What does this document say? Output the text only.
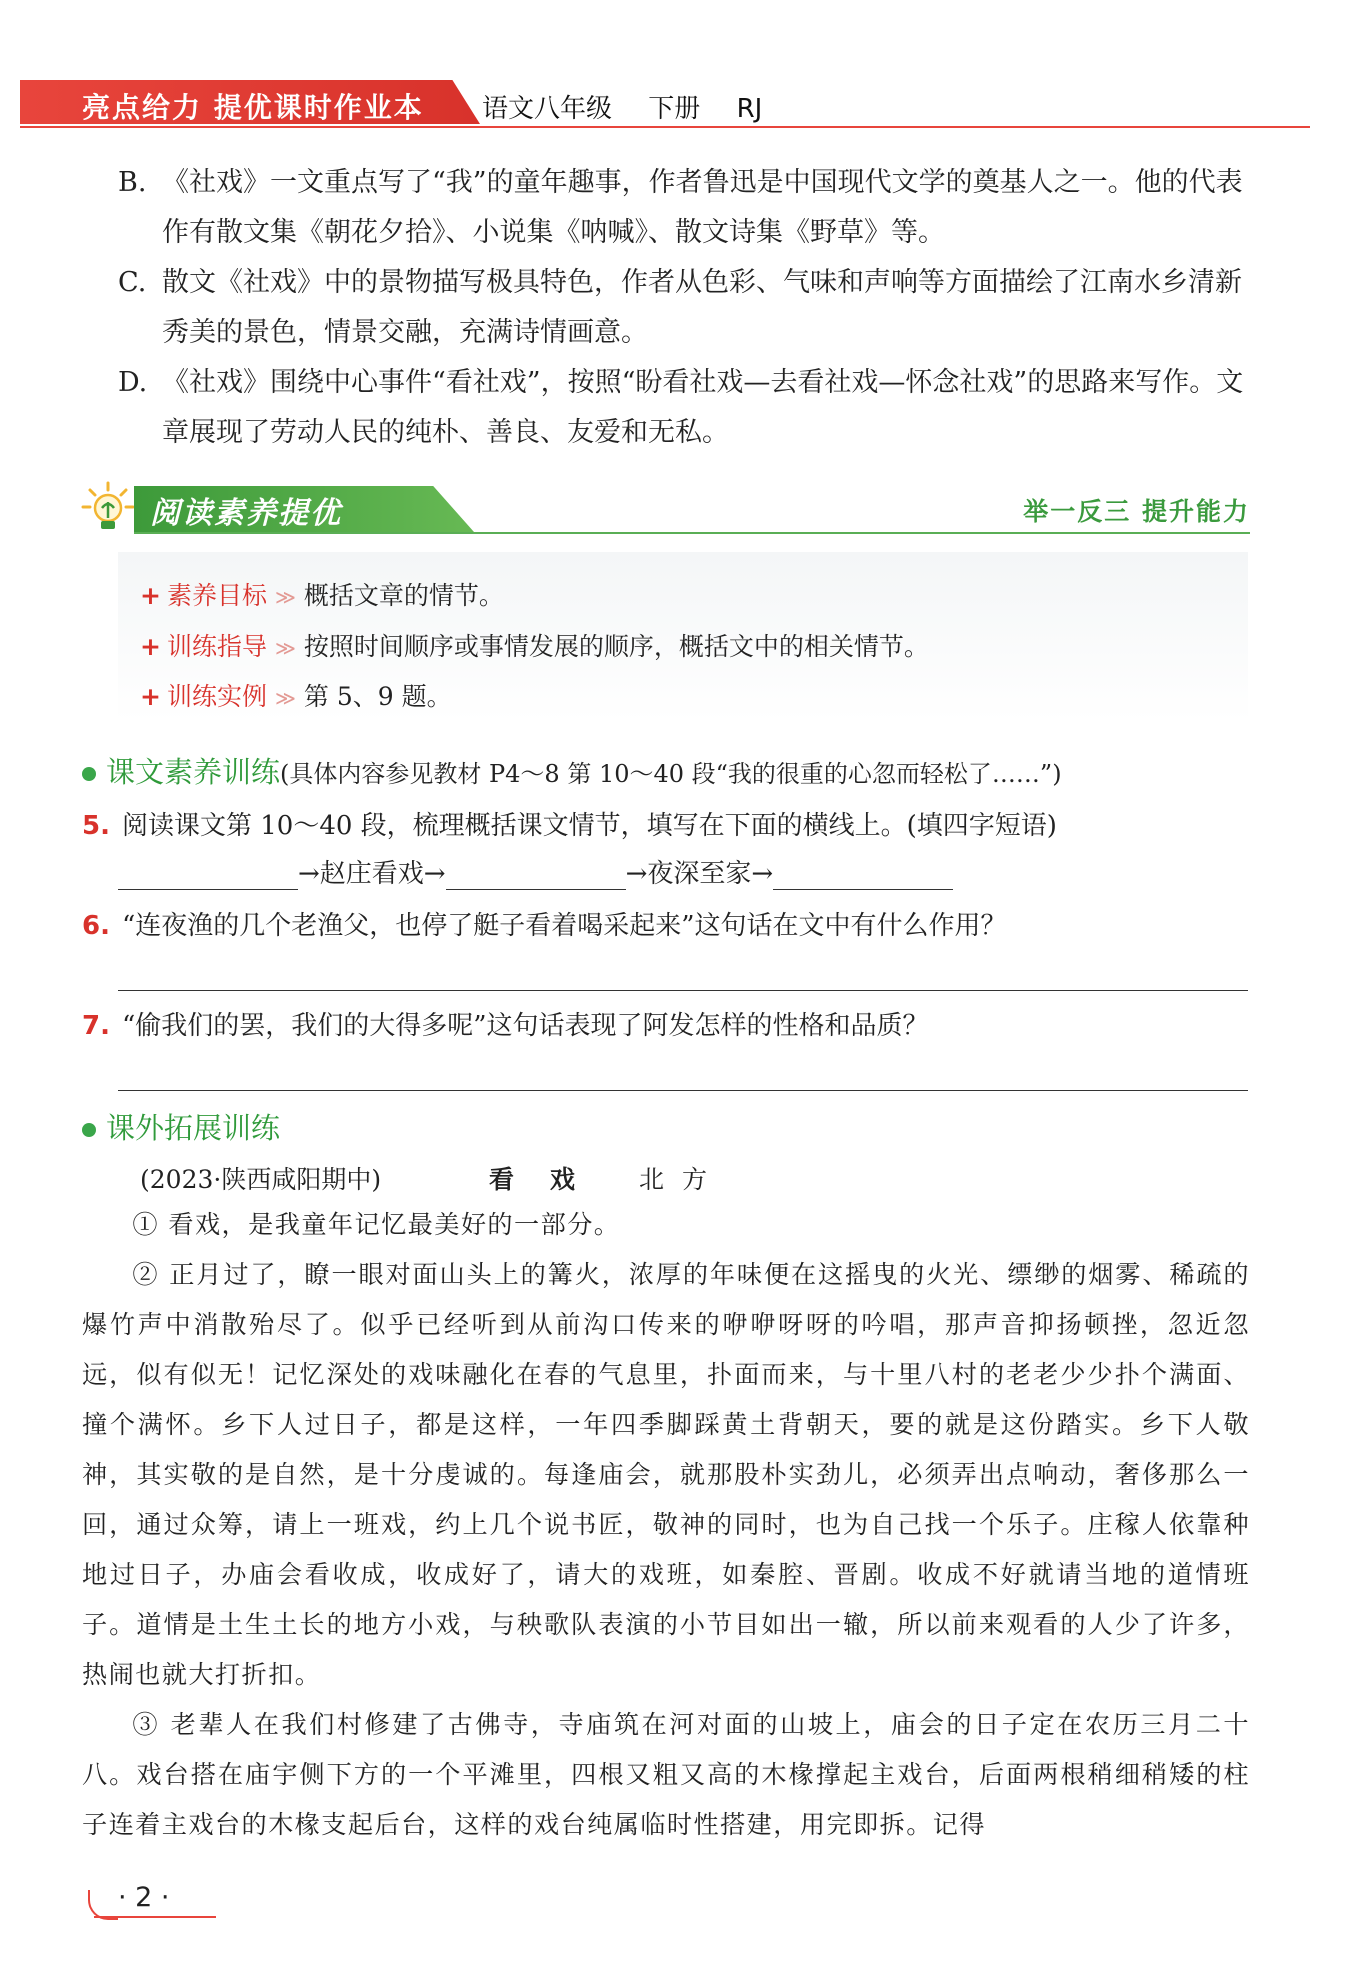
亮点给力 提优课时作业本 语文八年级 下册 RJ
B. 《社戏》一文重点写了“我”的童年趣事，作者鲁迅是中国现代文学的奠基人之一。他的代表作有散文集《朝花夕拾》、小说集《呐喊》、散文诗集《野草》等。
C. 散文《社戏》中的景物描写极具特色，作者从色彩、气味和声响等方面描绘了江南水乡清新秀美的景色，情景交融，充满诗情画意。
D. 《社戏》围绕中心事件“看社戏”，按照“盼看社戏—去看社戏—怀念社戏”的思路来写作。文章展现了劳动人民的纯朴、善良、友爱和无私。
阅读素养提优	举一反三 提升能力
+ 素养目标 ≫ 概括文章的情节。
+ 训练指导 ≫ 按照时间顺序或事情发展的顺序，概括文中的相关情节。
+ 训练实例 ≫ 第 5、9 题。
课文素养训练(具体内容参见教材 P4～8 第 10～40 段“我的很重的心忽而轻松了……”)
5. 阅读课文第 10～40 段，梳理概括课文情节，填写在下面的横线上。(填四字短语)
→赵庄看戏→	→夜深至家→
6. “连夜渔的几个老渔父，也停了艇子看着喝采起来”这句话在文中有什么作用？
7. “偷我们的罢，我们的大得多呢”这句话表现了阿发怎样的性格和品质？
课外拓展训练
(2023·陕西咸阳期中)	看戏 北方

① 看戏，是我童年记忆最美好的一部分。

② 正月过了，瞭一眼对面山头上的篝火，浓厚的年味便在这摇曳的火光、缥缈的烟雾、稀疏的爆竹声中消散殆尽了。似乎已经听到从前沟口传来的咿咿呀呀的吟唱，那声音抑扬顿挫，忽近忽远，似有似无！记忆深处的戏味融化在春的气息里，扑面而来，与十里八村的老老少少扑个满面、撞个满怀。乡下人过日子，都是这样，一年四季脚踩黄土背朝天，要的就是这份踏实。乡下人敬神，其实敬的是自然，是十分虔诚的。每逢庙会，就那股朴实劲儿，必须弄出点响动，奢侈那么一回，通过众筹，请上一班戏，约上几个说书匠，敬神的同时，也为自己找一个乐子。庄稼人依靠种地过日子，办庙会看收成，收成好了，请大的戏班，如秦腔、晋剧。收成不好就请当地的道情班子。道情是土生土长的地方小戏，与秧歌队表演的小节目如出一辙，所以前来观看的人少了许多，热闹也就大打折扣。

③ 老辈人在我们村修建了古佛寺，寺庙筑在河对面的山坡上，庙会的日子定在农历三月二十八。戏台搭在庙宇侧下方的一个平滩里，四根又粗又高的木椽撑起主戏台，后面两根稍细稍矮的柱子连着主戏台的木椽支起后台，这样的戏台纯属临时性搭建，用完即拆。记得

· 2 ·
